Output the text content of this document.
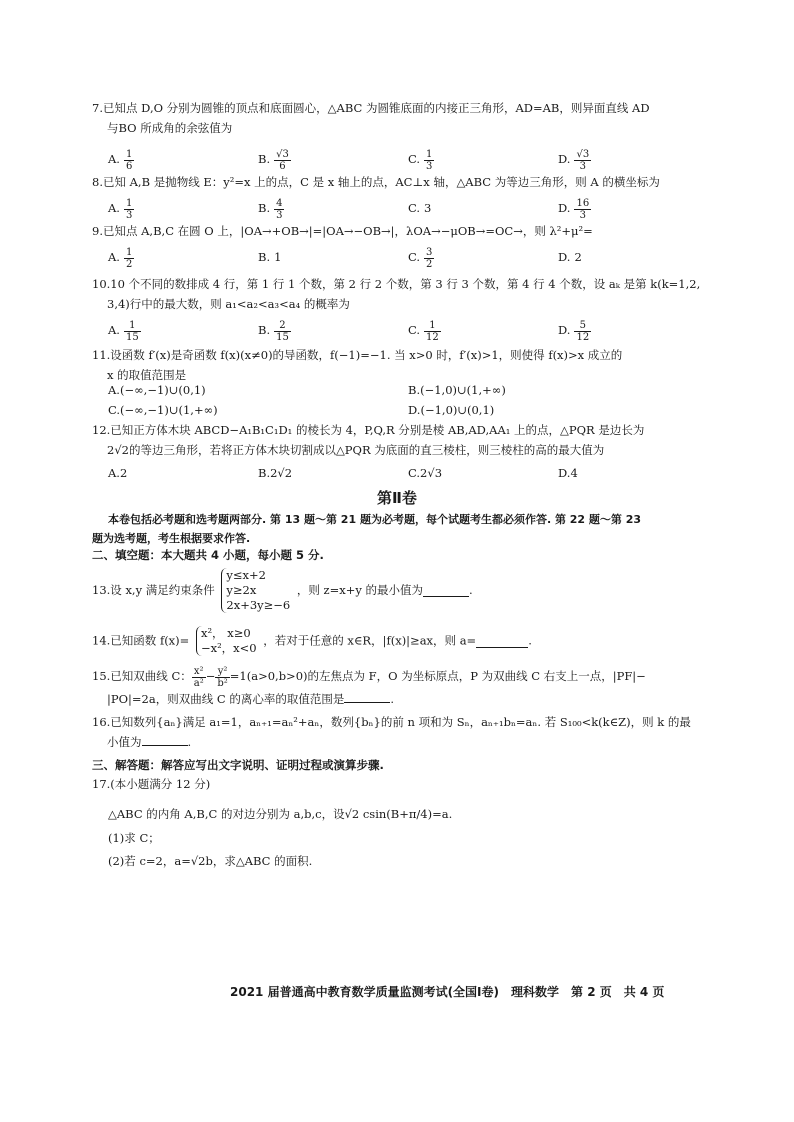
7.已知点 D,O 分别为圆锥的顶点和底面圆心，△ABC 为圆锥底面的内接正三角形，AD=AB，则异面直线 AD
与BO 所成角的余弦值为
A. $\frac{1}{6}$	B. $\frac{√3}{6}$	C. $\frac{1}{3}$	D. $\frac{√3}{3}$
8.已知 A,B 是抛物线 E：y²=x 上的点，C 是 x 轴上的点，AC⊥x 轴，△ABC 为等边三角形，则 A 的横坐标为
A. $\frac{1}{3}$	B. $\frac{4}{3}$	C. 3	D. $\frac{16}{3}$
9.已知点 A,B,C 在圆 O 上，|OA→+OB→|=|OA→−OB→|，λOA→−μOB→=OC→，则 λ²+μ²=
A. $\frac{1}{2}$	B. 1	C. $\frac{3}{2}$	D. 2
10.10 个不同的数排成 4 行，第 1 行 1 个数，第 2 行 2 个数，第 3 行 3 个数，第 4 行 4 个数，设 aₖ 是第 k(k=1,2,
3,4)行中的最大数，则 a₁<a₂<a₃<a₄ 的概率为
A. $\frac{1}{15}$	B. $\frac{2}{15}$	C. $\frac{1}{12}$	D. $\frac{5}{12}$
11.设函数 f′(x)是奇函数 f(x)(x≠0)的导函数，f(−1)=−1. 当 x>0 时，f′(x)>1，则使得 f(x)>x 成立的
x 的取值范围是
A.(−∞,−1)∪(0,1)	B.(−1,0)∪(1,+∞)
C.(−∞,−1)∪(1,+∞)	D.(−1,0)∪(0,1)
12.已知正方体木块 ABCD−A₁B₁C₁D₁ 的棱长为 4，P,Q,R 分别是棱 AB,AD,AA₁ 上的点，△PQR 是边长为
2√2的等边三角形，若将正方体木块切割成以△PQR 为底面的直三棱柱，则三棱柱的高的最大值为
A.2	B.2√2	C.2√3	D.4
第Ⅱ卷
本卷包括必考题和选考题两部分. 第 13 题～第 21 题为必考题，每个试题考生都必须作答. 第 22 题～第 23
题为选考题，考生根据要求作答.
二、填空题：本大题共 4 小题，每小题 5 分.
13.设 x,y 满足约束条件
y≤x+2
y≥2x
2x+3y≥−6
，则 z=x+y 的最小值为	.
14.已知函数 f(x)=
x²， x≥0
−x²，x<0
，若对于任意的 x∈R，|f(x)|≥ax，则 a=	.
15.已知双曲线 C： $\frac{\text{x²}}{\text{a²}} - \frac{\text{y²}}{\text{b²}} =1(a>0,b>0)$的左焦点为 F，O 为坐标原点，P 为双曲线 C 右支上一点，|PF|−
|PO|=2a，则双曲线 C 的离心率的取值范围是	.
16.已知数列{aₙ}满足 a₁=1，aₙ₊₁=aₙ²+aₙ，数列{bₙ}的前 n 项和为 Sₙ，aₙ₊₁bₙ=aₙ. 若 S₁₀₀<k(k∈Z)，则 k 的最
小值为	.
三、解答题：解答应写出文字说明、证明过程或演算步骤.
17.(本小题满分 12 分)
△ABC 的内角 A,B,C 的对边分别为 a,b,c，设√2 csin(B+π/4)=a.
(1)求 C；
(2)若 c=2，a=√2b，求△ABC 的面积.
2021 届普通高中教育数学质量监测考试(全国Ⅰ卷)　理科数学　第 2 页　共 4 页
